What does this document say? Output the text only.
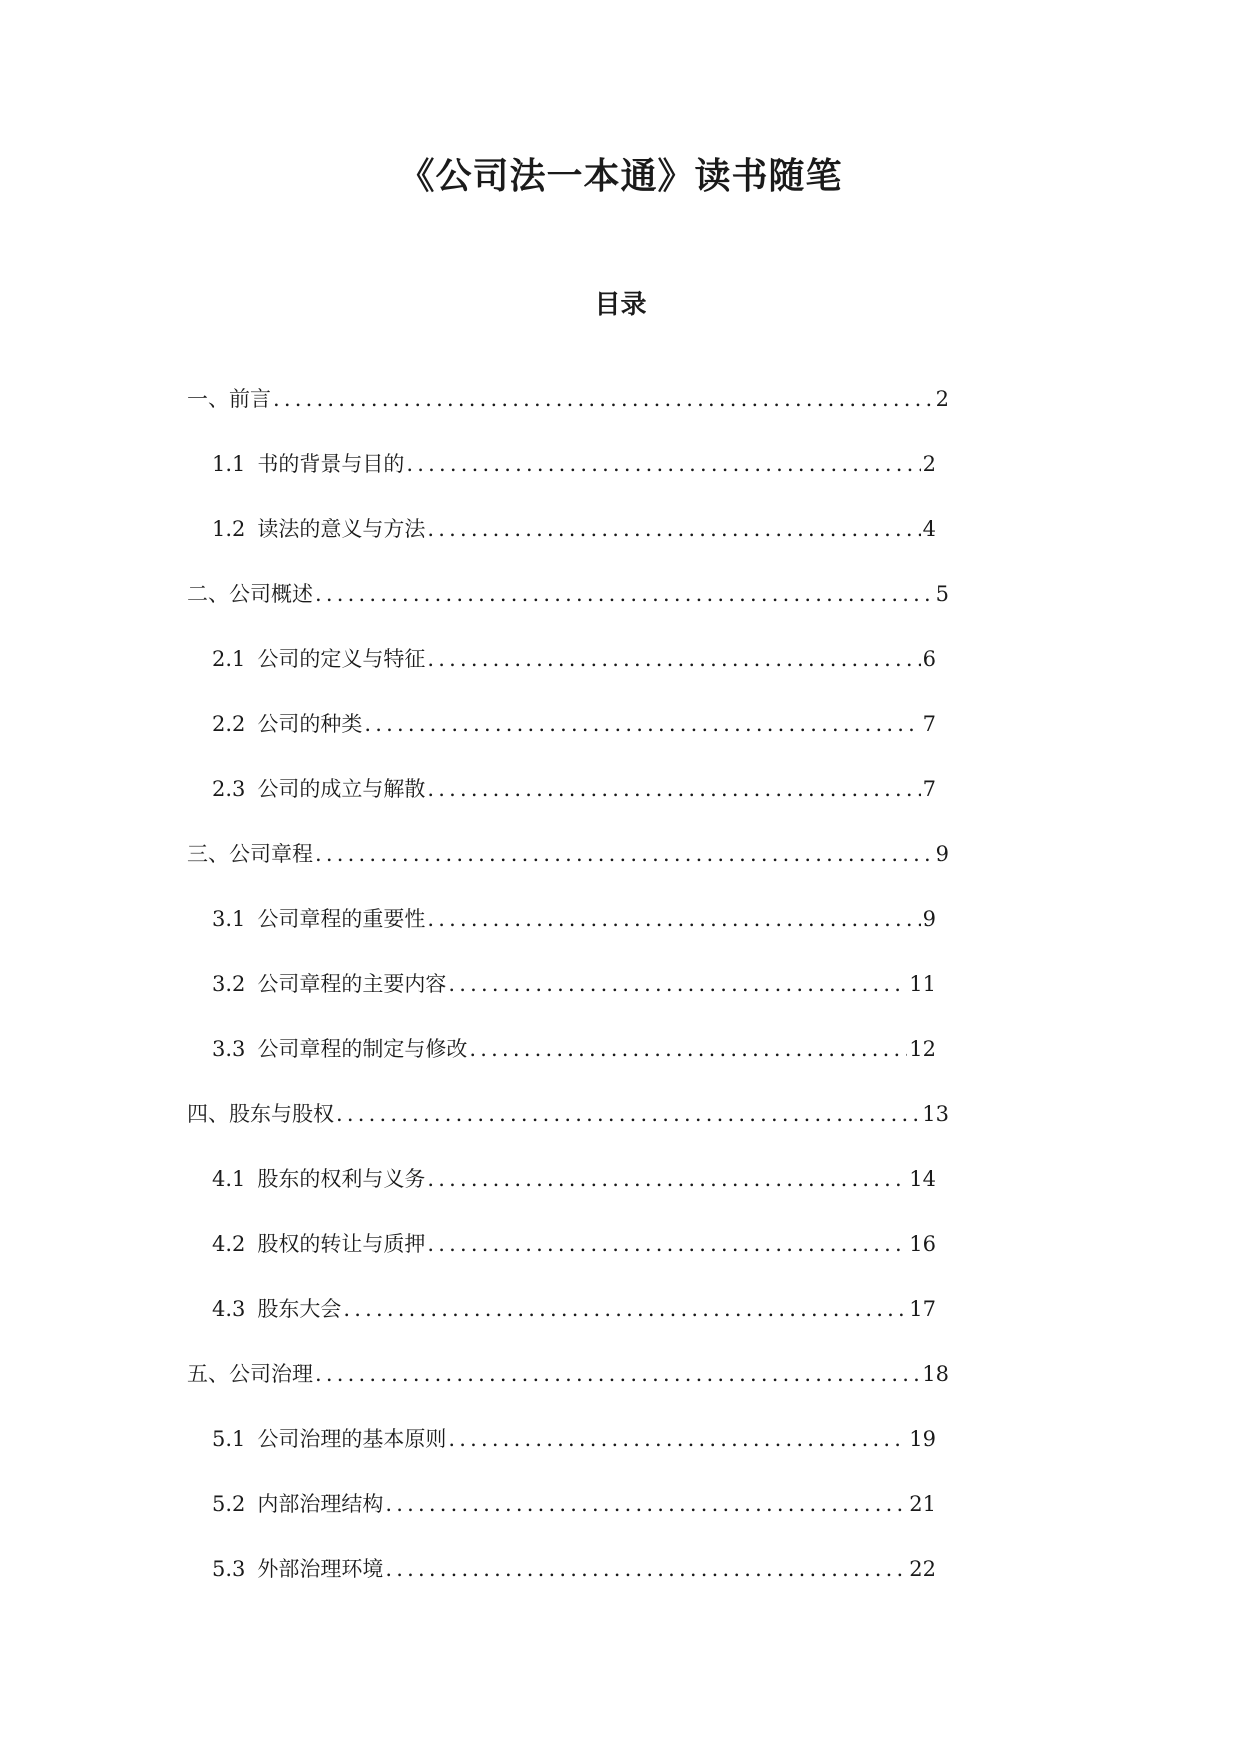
《公司法一本通》读书随笔
目录
一、前言 .....	2
1.1 书的背景与目的 .....	2
1.2 读法的意义与方法 .....	4
二、公司概述 .....	5
2.1 公司的定义与特征 .....	6
2.2 公司的种类 .....	7
2.3 公司的成立与解散 .....	7
三、公司章程 .....	9
3.1 公司章程的重要性 .....	9
3.2 公司章程的主要内容 .....	11
3.3 公司章程的制定与修改 .....	12
四、股东与股权 .....	13
4.1 股东的权利与义务 .....	14
4.2 股权的转让与质押 .....	16
4.3 股东大会 .....	17
五、公司治理 .....	18
5.1 公司治理的基本原则 .....	19
5.2 内部治理结构 .....	21
5.3 外部治理环境 .....	22
